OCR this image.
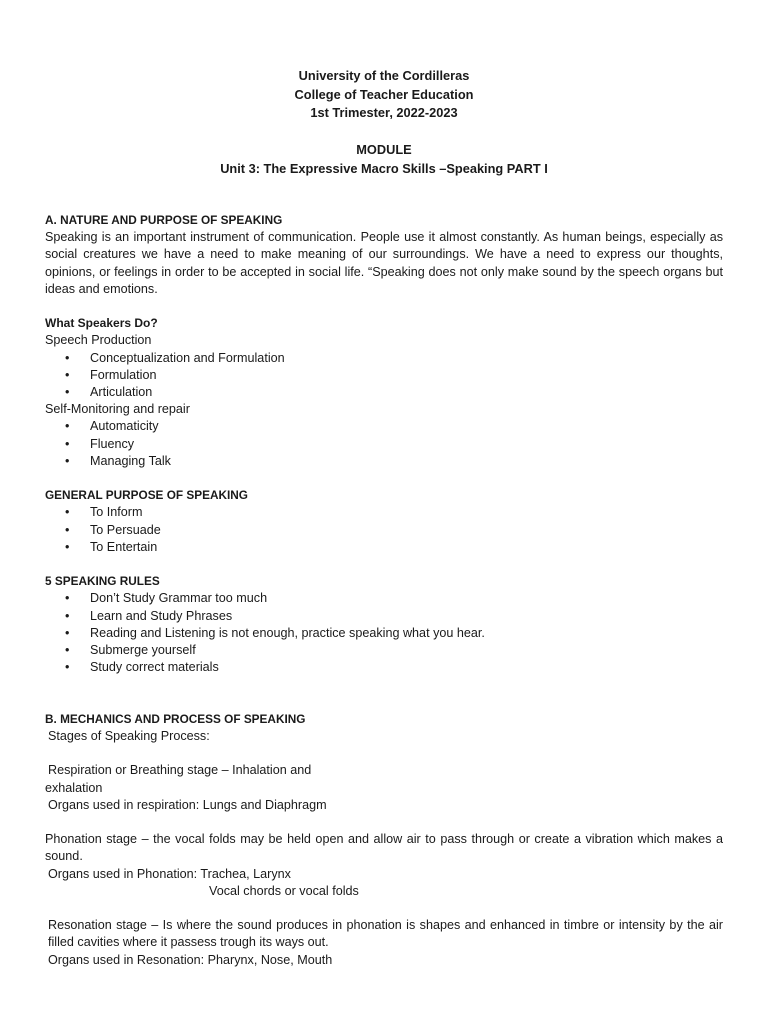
University of the Cordilleras
College of Teacher Education
1st Trimester, 2022-2023
MODULE
Unit 3: The Expressive Macro Skills –Speaking PART I
A. NATURE AND PURPOSE OF SPEAKING

Speaking is an important instrument of communication. People use it almost constantly. As human beings, especially as social creatures we have a need to make meaning of our surroundings. We have a need to express our thoughts, opinions, or feelings in order to be accepted in social life. “Speaking does not only make sound by the speech organs but ideas and emotions.

What Speakers Do?
Speech Production
• Conceptualization and Formulation
• Formulation
• Articulation
Self-Monitoring and repair
• Automaticity
• Fluency
• Managing Talk
GENERAL PURPOSE OF SPEAKING
• To Inform
• To Persuade
• To Entertain
5 SPEAKING RULES
• Don’t Study Grammar too much
• Learn and Study Phrases
• Reading and Listening is not enough, practice speaking what you hear.
• Submerge yourself
• Study correct materials
B. MECHANICS AND PROCESS OF SPEAKING
Stages of Speaking Process:
Respiration or Breathing stage – Inhalation and
exhalation
Organs used in respiration: Lungs and Diaphragm

Phonation stage – the vocal folds may be held open and allow air to pass through or create a vibration which makes a sound.

Organs used in Phonation: Trachea, Larynx
Vocal chords or vocal folds

Resonation stage – Is where the sound produces in phonation is shapes and enhanced in timbre or intensity by the air filled cavities where it passess trough its ways out.

Organs used in Resonation: Pharynx, Nose, Mouth
